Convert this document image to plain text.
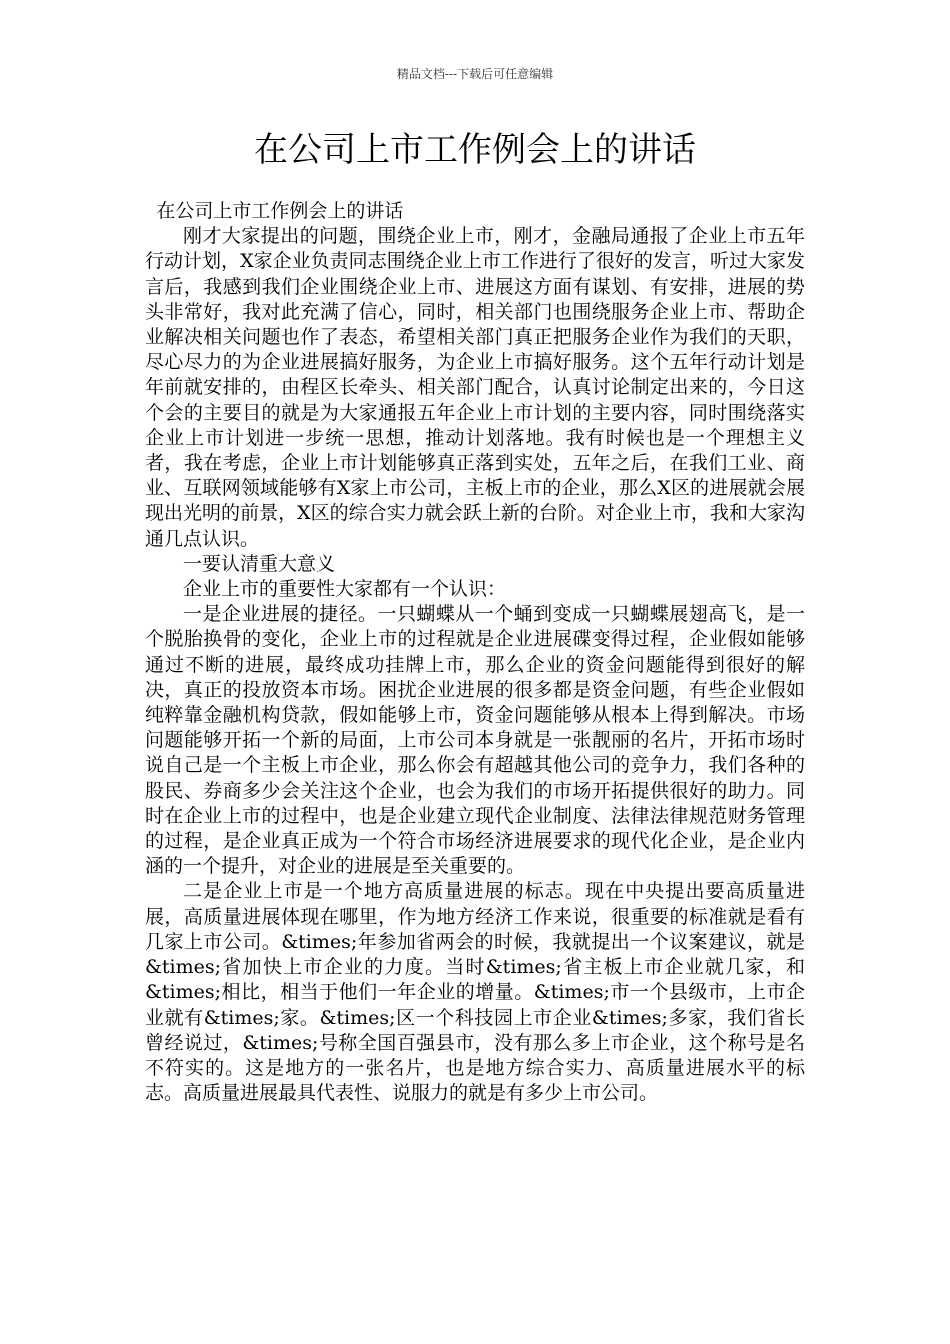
精品文档---下载后可任意编辑
在公司上市工作例会上的讲话

在公司上市工作例会上的讲话

刚才大家提出的问题，围绕企业上市，刚才，金融局通报了企业上市五年行动计划，X家企业负责同志围绕企业上市工作进行了很好的发言，听过大家发言后，我感到我们企业围绕企业上市、进展这方面有谋划、有安排，进展的势头非常好，我对此充满了信心，同时，相关部门也围绕服务企业上市、帮助企业解决相关问题也作了表态，希望相关部门真正把服务企业作为我们的天职，尽心尽力的为企业进展搞好服务，为企业上市搞好服务。这个五年行动计划是年前就安排的，由程区长牵头、相关部门配合，认真讨论制定出来的，今日这个会的主要目的就是为大家通报五年企业上市计划的主要内容，同时围绕落实企业上市计划进一步统一思想，推动计划落地。我有时候也是一个理想主义者，我在考虑，企业上市计划能够真正落到实处，五年之后，在我们工业、商业、互联网领域能够有X家上市公司，主板上市的企业，那么X区的进展就会展现出光明的前景，X区的综合实力就会跃上新的台阶。对企业上市，我和大家沟通几点认识。

一要认清重大意义

企业上市的重要性大家都有一个认识：

一是企业进展的捷径。一只蝴蝶从一个蛹到变成一只蝴蝶展翅高飞，是一个脱胎换骨的变化，企业上市的过程就是企业进展碟变得过程，企业假如能够通过不断的进展，最终成功挂牌上市，那么企业的资金问题能得到很好的解决，真正的投放资本市场。困扰企业进展的很多都是资金问题，有些企业假如纯粹靠金融机构贷款，假如能够上市，资金问题能够从根本上得到解决。市场问题能够开拓一个新的局面，上市公司本身就是一张靓丽的名片，开拓市场时说自己是一个主板上市企业，那么你会有超越其他公司的竞争力，我们各种的股民、券商多少会关注这个企业，也会为我们的市场开拓提供很好的助力。同时在企业上市的过程中，也是企业建立现代企业制度、法律法律规范财务管理的过程，是企业真正成为一个符合市场经济进展要求的现代化企业，是企业内涵的一个提升，对企业的进展是至关重要的。

二是企业上市是一个地方高质量进展的标志。现在中央提出要高质量进展，高质量进展体现在哪里，作为地方经济工作来说，很重要的标准就是看有几家上市公司。&times;年参加省两会的时候，我就提出一个议案建议，就是&times;省加快上市企业的力度。当时&times;省主板上市企业就几家，和&times;相比，相当于他们一年企业的增量。&times;市一个县级市，上市企业就有&times;家。&times;区一个科技园上市企业&times;多家，我们省长曾经说过，&times;号称全国百强县市，没有那么多上市企业，这个称号是名不符实的。这是地方的一张名片，也是地方综合实力、高质量进展水平的标志。高质量进展最具代表性、说服力的就是有多少上市公司。
